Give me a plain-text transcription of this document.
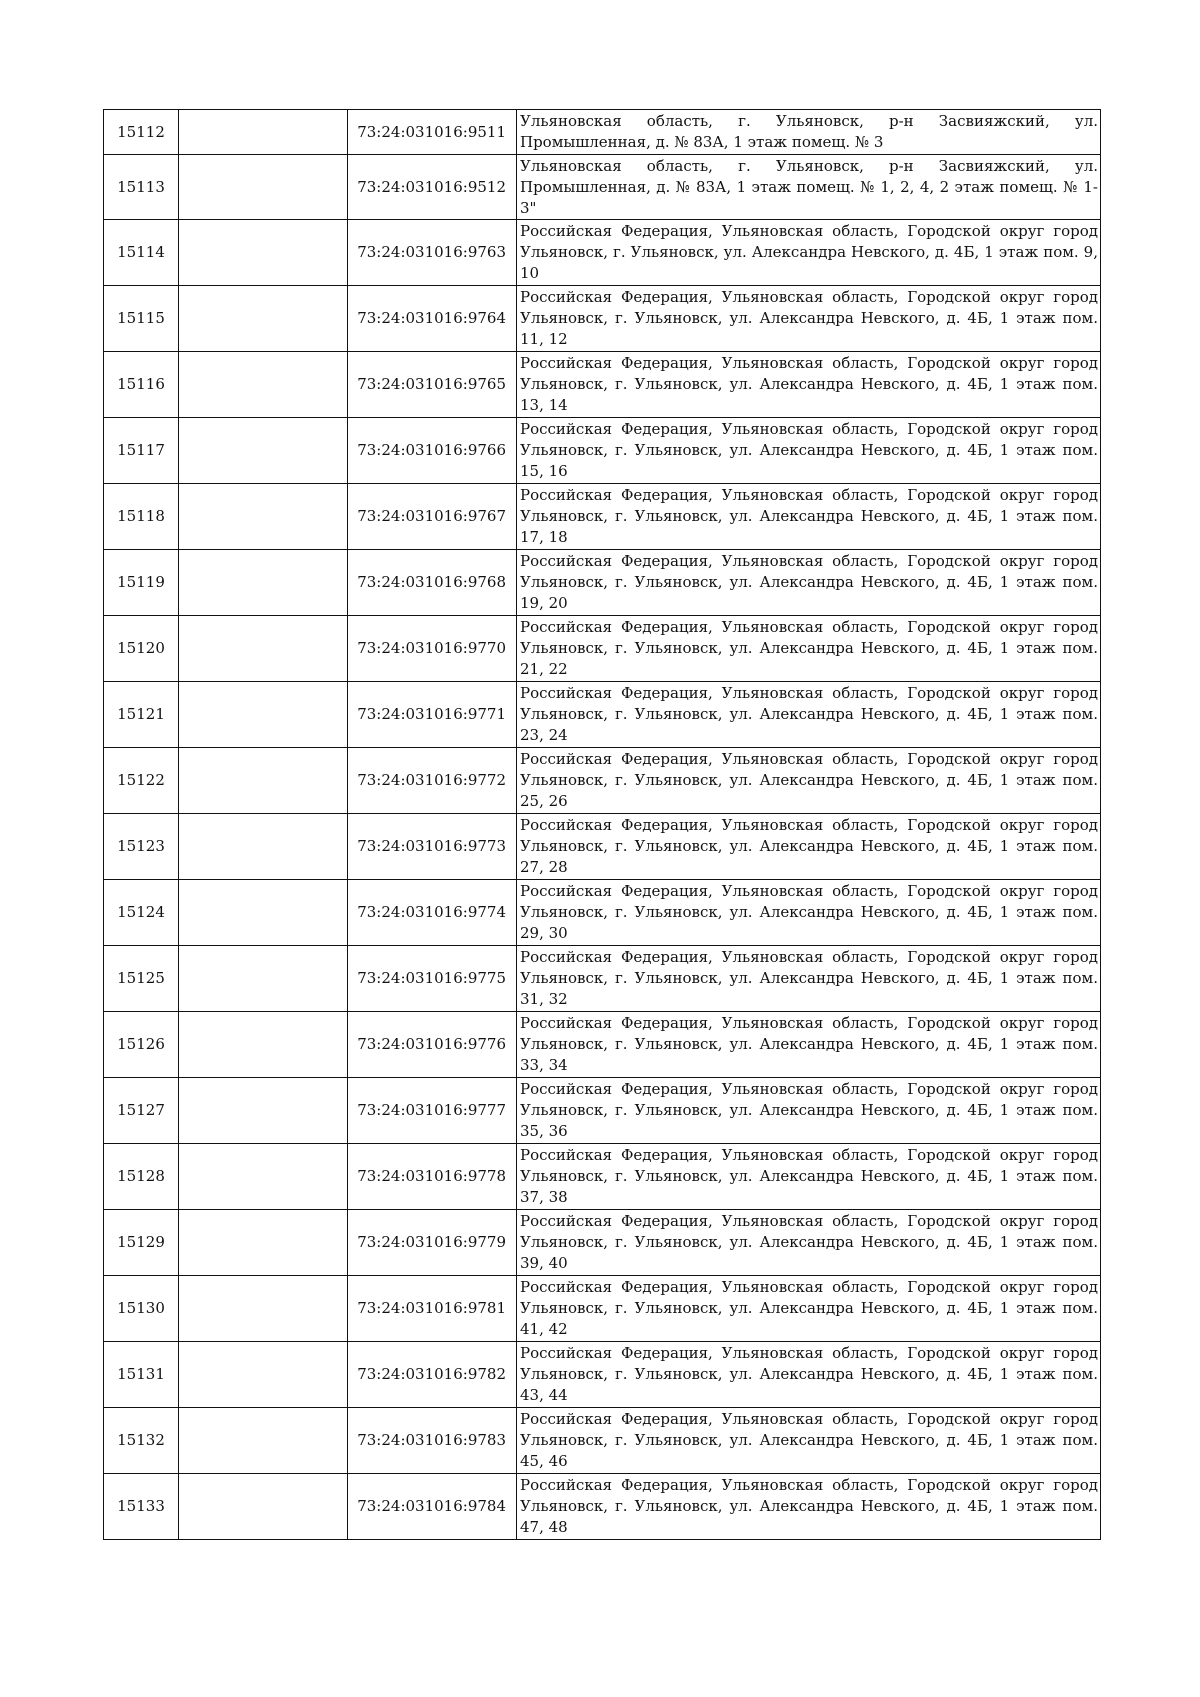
15112		73:24:031016:9511	Ульяновская область, г. Ульяновск, р-н Засвияжский, ул. Промышленная, д. № 83А, 1 этаж помещ. № 3
15113		73:24:031016:9512	Ульяновская область, г. Ульяновск, р-н Засвияжский, ул. Промышленная, д. № 83А, 1 этаж помещ. № 1, 2, 4, 2 этаж помещ. № 1-3"
15114		73:24:031016:9763	Российская Федерация, Ульяновская область, Городской округ город Ульяновск, г. Ульяновск, ул. Александра Невского, д. 4Б, 1 этаж пом. 9, 10
15115		73:24:031016:9764	Российская Федерация, Ульяновская область, Городской округ город Ульяновск, г. Ульяновск, ул. Александра Невского, д. 4Б, 1 этаж пом. 11, 12
15116		73:24:031016:9765	Российская Федерация, Ульяновская область, Городской округ город Ульяновск, г. Ульяновск, ул. Александра Невского, д. 4Б, 1 этаж пом. 13, 14
15117		73:24:031016:9766	Российская Федерация, Ульяновская область, Городской округ город Ульяновск, г. Ульяновск, ул. Александра Невского, д. 4Б, 1 этаж пом. 15, 16
15118		73:24:031016:9767	Российская Федерация, Ульяновская область, Городской округ город Ульяновск, г. Ульяновск, ул. Александра Невского, д. 4Б, 1 этаж пом. 17, 18
15119		73:24:031016:9768	Российская Федерация, Ульяновская область, Городской округ город Ульяновск, г. Ульяновск, ул. Александра Невского, д. 4Б, 1 этаж пом. 19, 20
15120		73:24:031016:9770	Российская Федерация, Ульяновская область, Городской округ город Ульяновск, г. Ульяновск, ул. Александра Невского, д. 4Б, 1 этаж пом. 21, 22
15121		73:24:031016:9771	Российская Федерация, Ульяновская область, Городской округ город Ульяновск, г. Ульяновск, ул. Александра Невского, д. 4Б, 1 этаж пом. 23, 24
15122		73:24:031016:9772	Российская Федерация, Ульяновская область, Городской округ город Ульяновск, г. Ульяновск, ул. Александра Невского, д. 4Б, 1 этаж пом. 25, 26
15123		73:24:031016:9773	Российская Федерация, Ульяновская область, Городской округ город Ульяновск, г. Ульяновск, ул. Александра Невского, д. 4Б, 1 этаж пом. 27, 28
15124		73:24:031016:9774	Российская Федерация, Ульяновская область, Городской округ город Ульяновск, г. Ульяновск, ул. Александра Невского, д. 4Б, 1 этаж пом. 29, 30
15125		73:24:031016:9775	Российская Федерация, Ульяновская область, Городской округ город Ульяновск, г. Ульяновск, ул. Александра Невского, д. 4Б, 1 этаж пом. 31, 32
15126		73:24:031016:9776	Российская Федерация, Ульяновская область, Городской округ город Ульяновск, г. Ульяновск, ул. Александра Невского, д. 4Б, 1 этаж пом. 33, 34
15127		73:24:031016:9777	Российская Федерация, Ульяновская область, Городской округ город Ульяновск, г. Ульяновск, ул. Александра Невского, д. 4Б, 1 этаж пом. 35, 36
15128		73:24:031016:9778	Российская Федерация, Ульяновская область, Городской округ город Ульяновск, г. Ульяновск, ул. Александра Невского, д. 4Б, 1 этаж пом. 37, 38
15129		73:24:031016:9779	Российская Федерация, Ульяновская область, Городской округ город Ульяновск, г. Ульяновск, ул. Александра Невского, д. 4Б, 1 этаж пом. 39, 40
15130		73:24:031016:9781	Российская Федерация, Ульяновская область, Городской округ город Ульяновск, г. Ульяновск, ул. Александра Невского, д. 4Б, 1 этаж пом. 41, 42
15131		73:24:031016:9782	Российская Федерация, Ульяновская область, Городской округ город Ульяновск, г. Ульяновск, ул. Александра Невского, д. 4Б, 1 этаж пом. 43, 44
15132		73:24:031016:9783	Российская Федерация, Ульяновская область, Городской округ город Ульяновск, г. Ульяновск, ул. Александра Невского, д. 4Б, 1 этаж пом. 45, 46
15133		73:24:031016:9784	Российская Федерация, Ульяновская область, Городской округ город Ульяновск, г. Ульяновск, ул. Александра Невского, д. 4Б, 1 этаж пом. 47, 48
